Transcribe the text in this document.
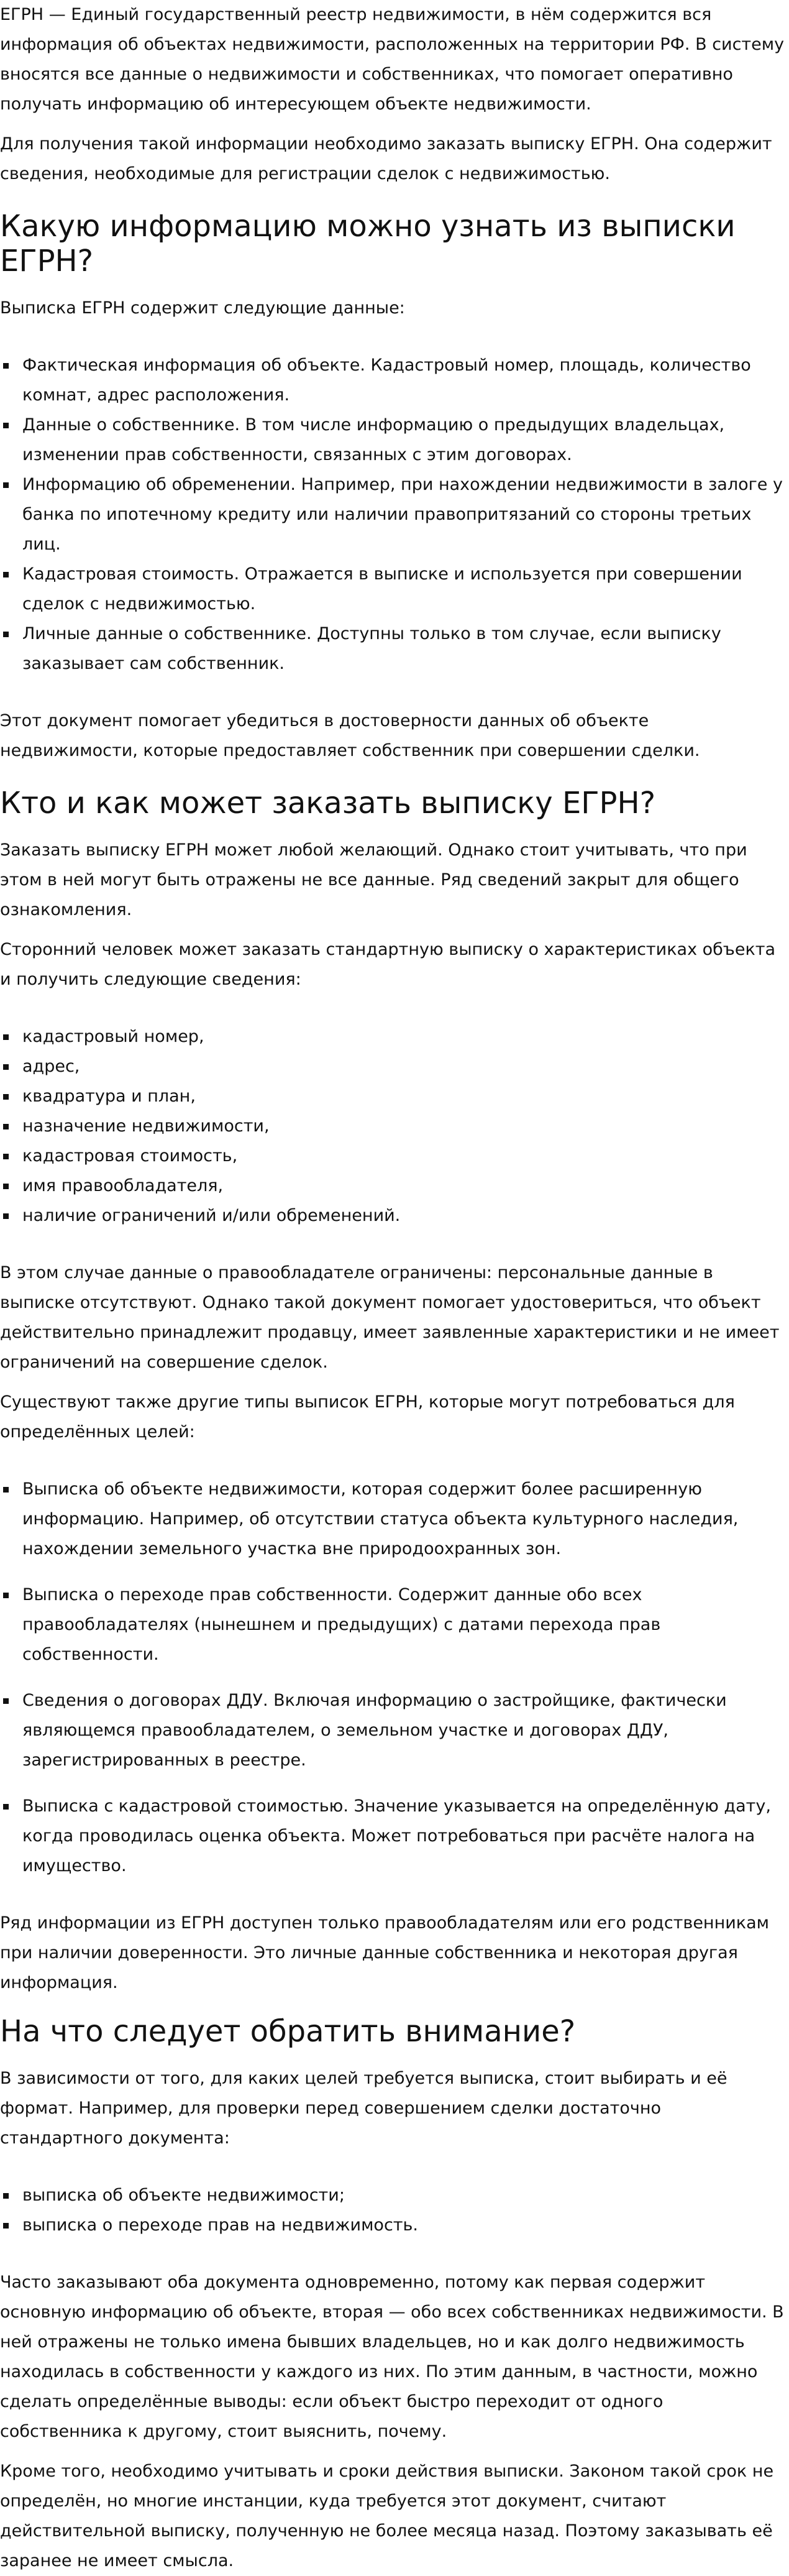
ЕГРН — Единый государственный реестр недвижимости, в нём содержится вся информация об объектах недвижимости, расположенных на территории РФ. В систему вносятся все данные о недвижимости и собственниках, что помогает оперативно получать информацию об интересующем объекте недвижимости.

Для получения такой информации необходимо заказать выписку ЕГРН. Она содержит сведения, необходимые для регистрации сделок с недвижимостью.

Какую информацию можно узнать из выписки ЕГРН?

Выписка ЕГРН содержит следующие данные:

Фактическая информация об объекте. Кадастровый номер, площадь, количество комнат, адрес расположения.
Данные о собственнике. В том числе информацию о предыдущих владельцах, изменении прав собственности, связанных с этим договорах.
Информацию об обременении. Например, при нахождении недвижимости в залоге у банка по ипотечному кредиту или наличии правопритязаний со стороны третьих лиц.
Кадастровая стоимость. Отражается в выписке и используется при совершении сделок с недвижимостью.
Личные данные о собственнике. Доступны только в том случае, если выписку заказывает сам собственник.

Этот документ помогает убедиться в достоверности данных об объекте недвижимости, которые предоставляет собственник при совершении сделки.

Кто и как может заказать выписку ЕГРН?

Заказать выписку ЕГРН может любой желающий. Однако стоит учитывать, что при этом в ней могут быть отражены не все данные. Ряд сведений закрыт для общего ознакомления.

Сторонний человек может заказать стандартную выписку о характеристиках объекта и получить следующие сведения:

кадастровый номер,
адрес,
квадратура и план,
назначение недвижимости,
кадастровая стоимость,
имя правообладателя,
наличие ограничений и/или обременений.

В этом случае данные о правообладателе ограничены: персональные данные в выписке отсутствуют. Однако такой документ помогает удостовериться, что объект действительно принадлежит продавцу, имеет заявленные характеристики и не имеет ограничений на совершение сделок.

Существуют также другие типы выписок ЕГРН, которые могут потребоваться для определённых целей:

Выписка об объекте недвижимости, которая содержит более расширенную информацию. Например, об отсутствии статуса объекта культурного наследия, нахождении земельного участка вне природоохранных зон.
Выписка о переходе прав собственности. Содержит данные обо всех правообладателях (нынешнем и предыдущих) с датами перехода прав собственности.
Сведения о договорах ДДУ. Включая информацию о застройщике, фактически являющемся правообладателем, о земельном участке и договорах ДДУ, зарегистрированных в реестре.
Выписка с кадастровой стоимостью. Значение указывается на определённую дату, когда проводилась оценка объекта. Может потребоваться при расчёте налога на имущество.

Ряд информации из ЕГРН доступен только правообладателям или его родственникам при наличии доверенности. Это личные данные собственника и некоторая другая информация.

На что следует обратить внимание?

В зависимости от того, для каких целей требуется выписка, стоит выбирать и её формат. Например, для проверки перед совершением сделки достаточно стандартного документа:

выписка об объекте недвижимости;
выписка о переходе прав на недвижимость.

Часто заказывают оба документа одновременно, потому как первая содержит основную информацию об объекте, вторая — обо всех собственниках недвижимости. В ней отражены не только имена бывших владельцев, но и как долго недвижимость находилась в собственности у каждого из них. По этим данным, в частности, можно сделать определённые выводы: если объект быстро переходит от одного собственника к другому, стоит выяснить, почему.

Кроме того, необходимо учитывать и сроки действия выписки. Законом такой срок не определён, но многие инстанции, куда требуется этот документ, считают действительной выписку, полученную не более месяца назад. Поэтому заказывать её заранее не имеет смысла.
